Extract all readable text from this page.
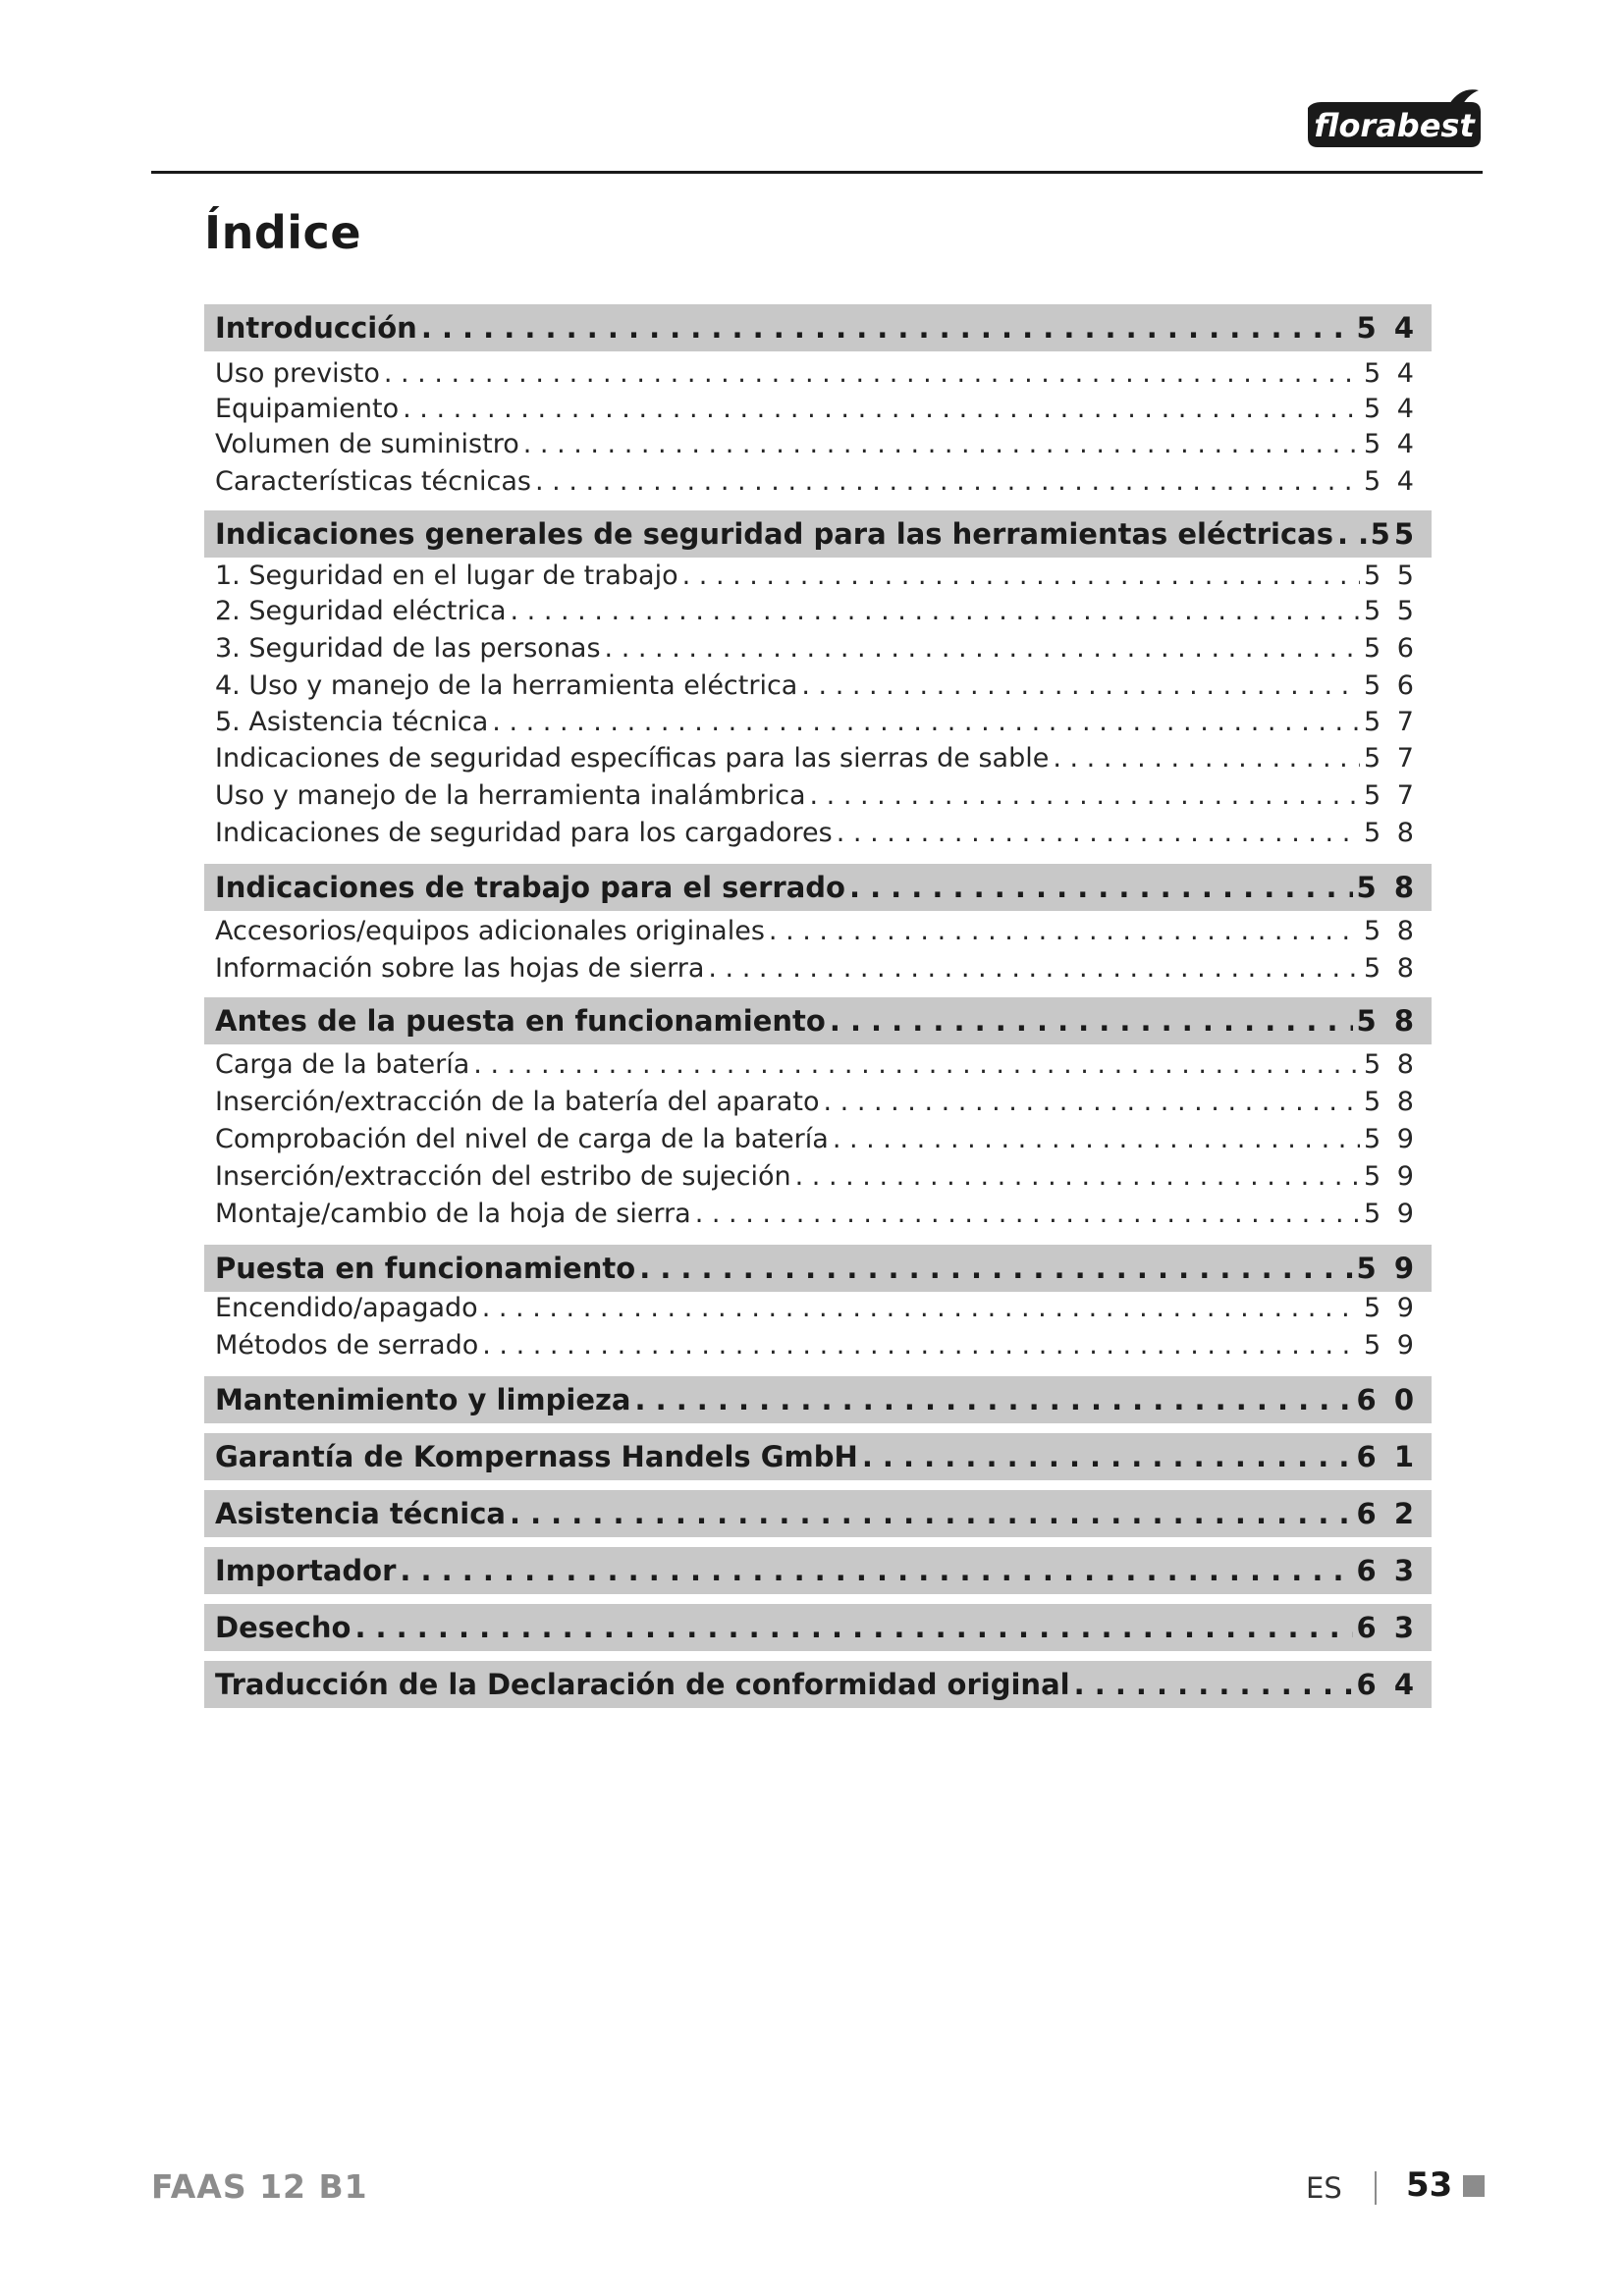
florabest
Índice
Introducción . . .	5 4
Uso previsto . . .	5 4
Equipamiento . . .	5 4
Volumen de suministro . . .	5 4
Características técnicas . . .	5 4
Indicaciones generales de seguridad para las herramientas eléctricas . . . 55
1. Seguridad en el lugar de trabajo . . .	5 5
2. Seguridad eléctrica . . .	5 5
3. Seguridad de las personas . . .	5 6
4. Uso y manejo de la herramienta eléctrica . . .	5 6
5. Asistencia técnica . . .	5 7
Indicaciones de seguridad específicas para las sierras de sable . . .	5 7
Uso y manejo de la herramienta inalámbrica . . .	5 7
Indicaciones de seguridad para los cargadores . . .	5 8
Indicaciones de trabajo para el serrado . . .	5 8
Accesorios/equipos adicionales originales . . .	5 8
Información sobre las hojas de sierra . . .	5 8
Antes de la puesta en funcionamiento . . .	5 8
Carga de la batería . . .	5 8
Inserción/extracción de la batería del aparato . . .	5 8
Comprobación del nivel de carga de la batería . . .	5 9
Inserción/extracción del estribo de sujeción . . .	5 9
Montaje/cambio de la hoja de sierra . . .	5 9
Puesta en funcionamiento . . .	5 9
Encendido/apagado . . .	5 9
Métodos de serrado . . .	5 9
Mantenimiento y limpieza . . .	6 0
Garantía de Kompernass Handels GmbH . . .	6 1
Asistencia técnica . . .	6 2
Importador . . .	6 3
Desecho . . .	6 3
Traducción de la Declaración de conformidad original . . .	6 4
FAAS 12 B1	ES 53
